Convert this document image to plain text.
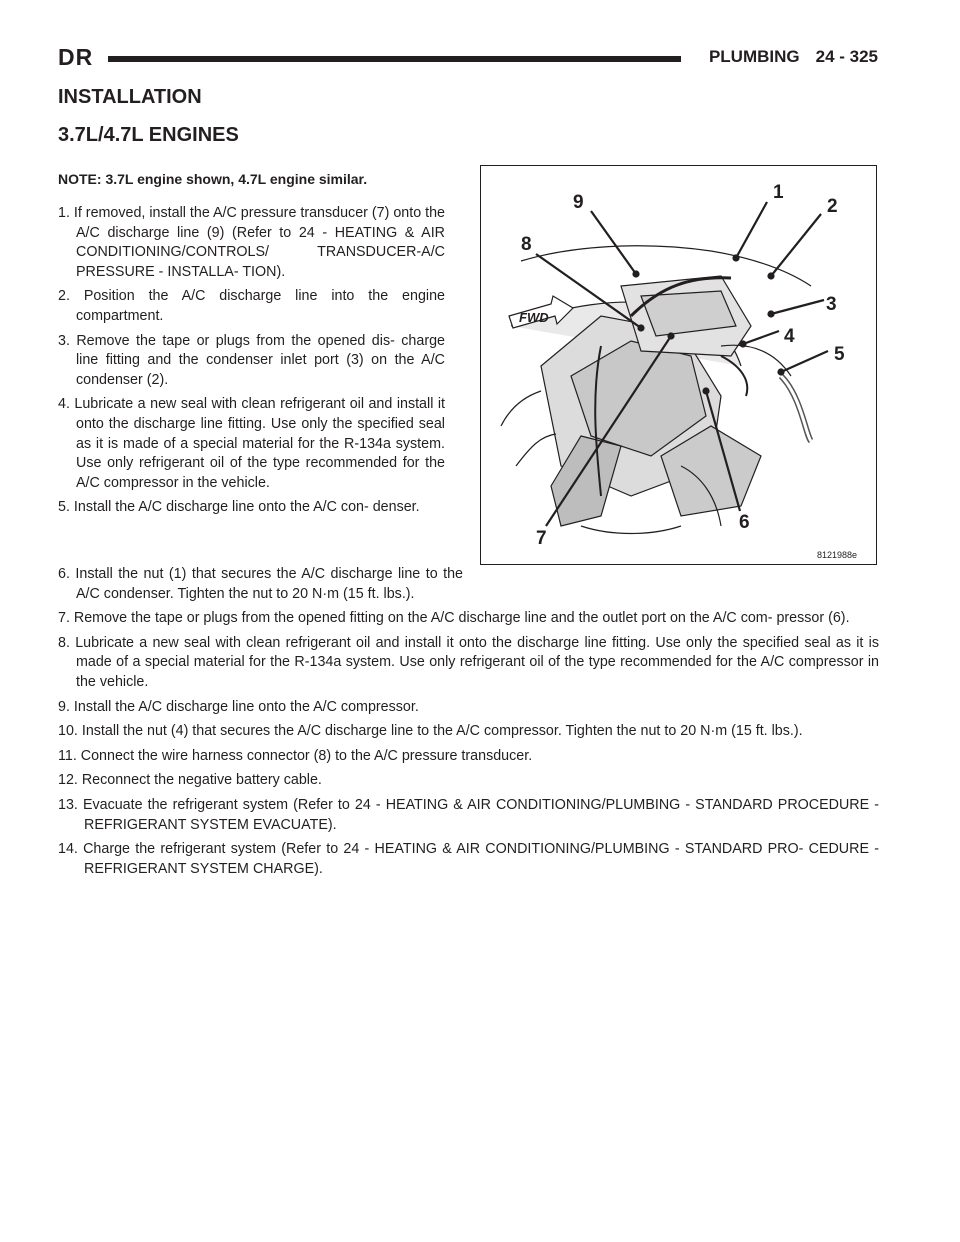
DR	PLUMBING 24 - 325
INSTALLATION
3.7L/4.7L ENGINES
NOTE: 3.7L engine shown, 4.7L engine similar.
1. If removed, install the A/C pressure transducer (7) onto the A/C discharge line (9) (Refer to 24 - HEATING & AIR CONDITIONING/CONTROLS/ TRANSDUCER-A/C PRESSURE - INSTALLA- TION).
2. Position the A/C discharge line into the engine compartment.
3. Remove the tape or plugs from the opened dis- charge line fitting and the condenser inlet port (3) on the A/C condenser (2).
4. Lubricate a new seal with clean refrigerant oil and install it onto the discharge line fitting. Use only the specified seal as it is made of a special material for the R-134a system. Use only refrigerant oil of the type recommended for the A/C compressor in the vehicle.
5. Install the A/C discharge line onto the A/C con- denser.
6. Install the nut (1) that secures the A/C discharge line to the A/C condenser. Tighten the nut to 20 N·m (15 ft. lbs.).
7. Remove the tape or plugs from the opened fitting on the A/C discharge line and the outlet port on the A/C com- pressor (6).
8. Lubricate a new seal with clean refrigerant oil and install it onto the discharge line fitting. Use only the specified seal as it is made of a special material for the R-134a system. Use only refrigerant oil of the type recommended for the A/C compressor in the vehicle.
9. Install the A/C discharge line onto the A/C compressor.
10. Install the nut (4) that secures the A/C discharge line to the A/C compressor. Tighten the nut to 20 N·m (15 ft. lbs.).
11. Connect the wire harness connector (8) to the A/C pressure transducer.
12. Reconnect the negative battery cable.
13. Evacuate the refrigerant system (Refer to 24 - HEATING & AIR CONDITIONING/PLUMBING - STANDARD PROCEDURE - REFRIGERANT SYSTEM EVACUATE).
14. Charge the refrigerant system (Refer to 24 - HEATING & AIR CONDITIONING/PLUMBING - STANDARD PRO- CEDURE - REFRIGERANT SYSTEM CHARGE).
FWD
1
2
3
4
5
6
7
8
9
8121988e
